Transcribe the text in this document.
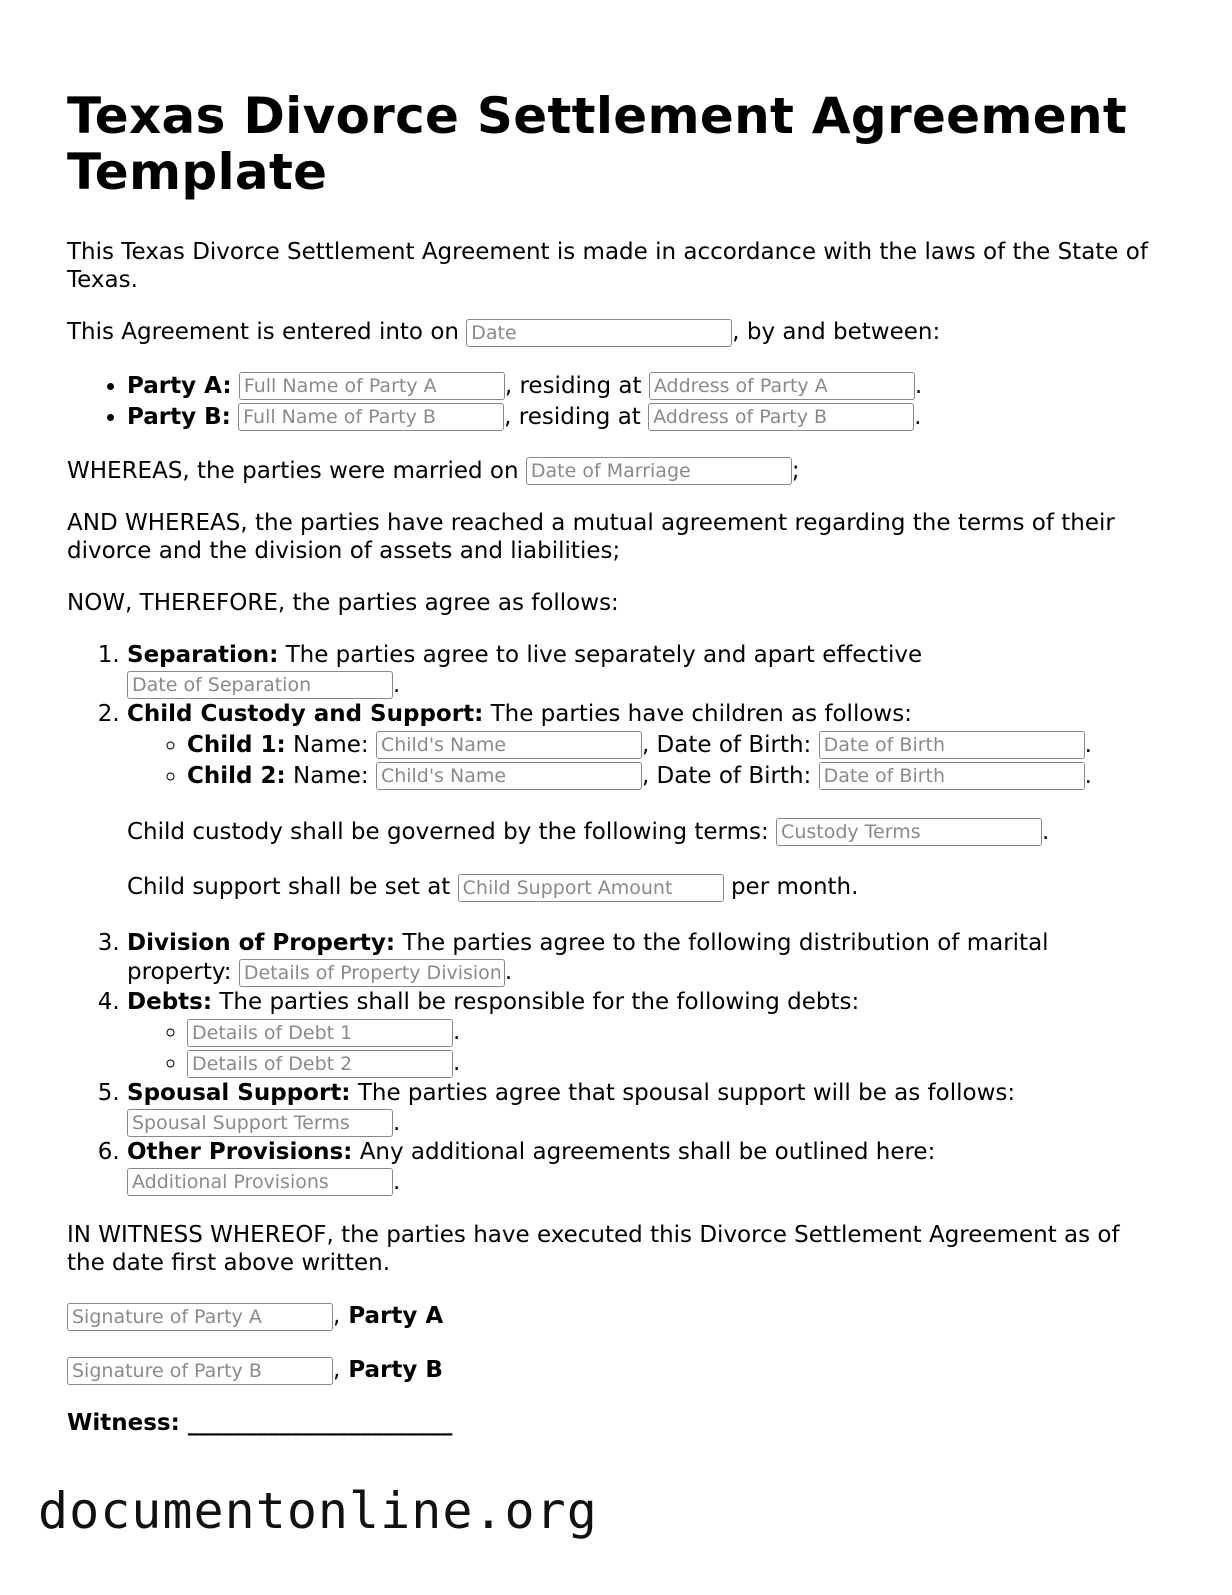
Texas Divorce Settlement Agreement Template

This Texas Divorce Settlement Agreement is made in accordance with the laws of the State of Texas.

This Agreement is entered into on Date	, by and between:

• Party A: Full Name of Party A	, residing at Address of Party A	.
• Party B: Full Name of Party B	, residing at Address of Party B	.

WHEREAS, the parties were married on Date of Marriage	;

AND WHEREAS, the parties have reached a mutual agreement regarding the terms of their divorce and the division of assets and liabilities;

NOW, THEREFORE, the parties agree as follows:

1. Separation: The parties agree to live separately and apart effective Date of Separation.
2. Child Custody and Support: The parties have children as follows:
◦ Child 1: Name: Child's Name	, Date of Birth: Date of Birth	.
◦ Child 2: Name: Child's Name	, Date of Birth: Date of Birth	.
Child custody shall be governed by the following terms: Custody Terms	.
Child support shall be set at Child Support Amount	per month.
3. Division of Property: The parties agree to the following distribution of marital property: Details of Property Division	.
4. Debts: The parties shall be responsible for the following debts:
Details of Debt 1 ◦ .
Details of Debt 2 ◦ .
5. Spousal Support: The parties agree that spousal support will be as follows: Spousal Support Terms.
6. Other Provisions: Any additional agreements shall be outlined here: Additional Provisions.

IN WITNESS WHEREOF, the parties have executed this Divorce Settlement Agreement as of the date first above written.

Signature of Party A, Party A
Signature of Party B, Party B
Witness: _______________________
documentonline.org
